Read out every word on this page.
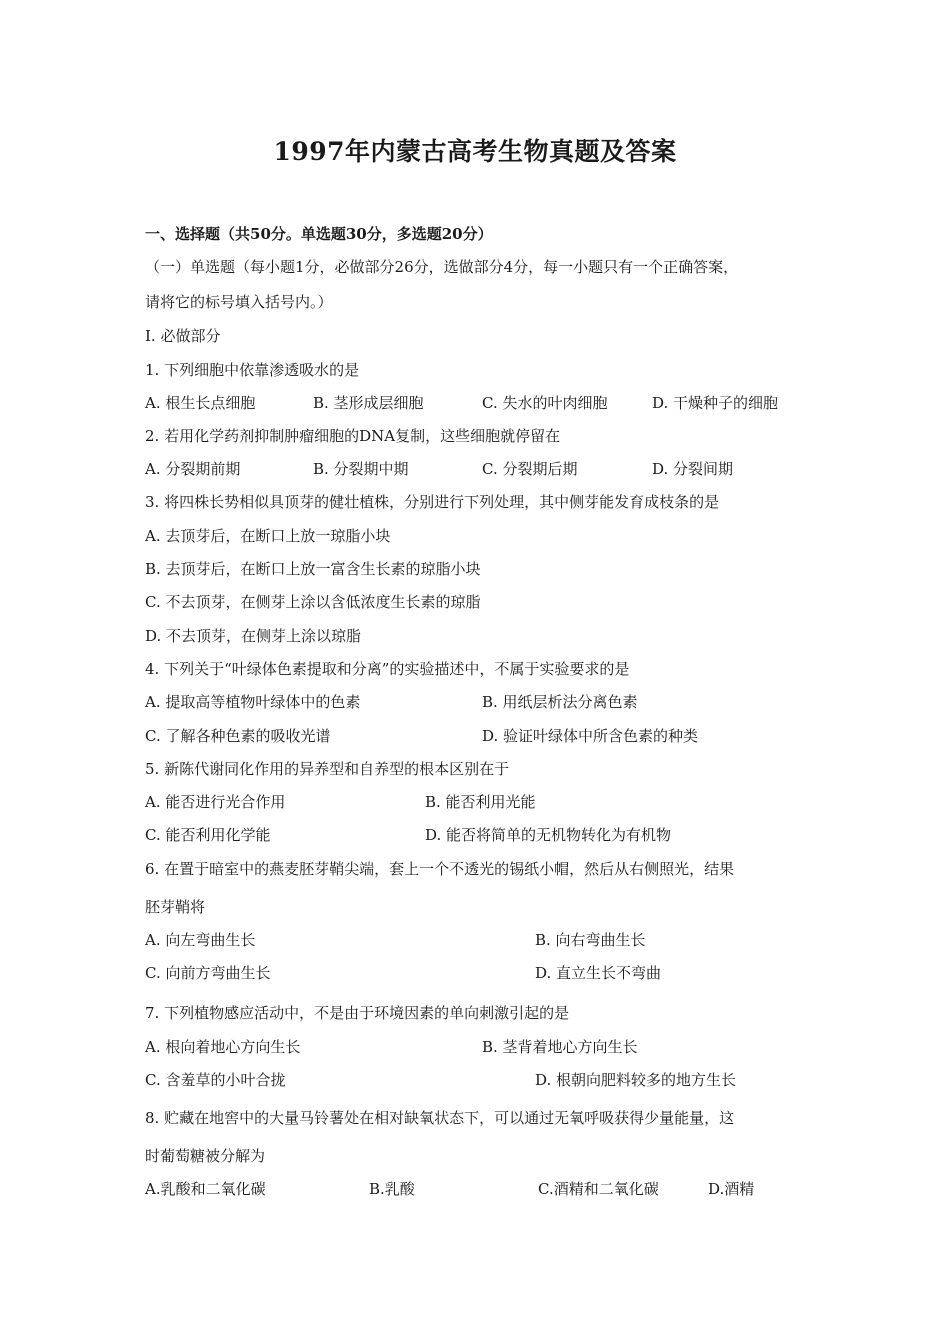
1997年内蒙古高考生物真题及答案
一、选择题（共50分。单选题30分，多选题20分）
（一）单选题（每小题1分，必做部分26分，选做部分4分，每一小题只有一个正确答案，
请将它的标号填入括号内。）
I. 必做部分
1. 下列细胞中依靠渗透吸水的是
A. 根生长点细胞	B. 茎形成层细胞	C. 失水的叶肉细胞	D. 干燥种子的细胞
2. 若用化学药剂抑制肿瘤细胞的DNA复制，这些细胞就停留在
A. 分裂期前期	B. 分裂期中期	C. 分裂期后期	D. 分裂间期
3. 将四株长势相似具顶芽的健壮植株，分别进行下列处理，其中侧芽能发育成枝条的是
A. 去顶芽后，在断口上放一琼脂小块
B. 去顶芽后，在断口上放一富含生长素的琼脂小块
C. 不去顶芽，在侧芽上涂以含低浓度生长素的琼脂
D. 不去顶芽，在侧芽上涂以琼脂
4. 下列关于“叶绿体色素提取和分离”的实验描述中，不属于实验要求的是
A. 提取高等植物叶绿体中的色素	B. 用纸层析法分离色素
C. 了解各种色素的吸收光谱	D. 验证叶绿体中所含色素的种类
5. 新陈代谢同化作用的异养型和自养型的根本区别在于
A. 能否进行光合作用	B. 能否利用光能
C. 能否利用化学能	D. 能否将简单的无机物转化为有机物
6. 在置于暗室中的燕麦胚芽鞘尖端，套上一个不透光的锡纸小帽，然后从右侧照光，结果
胚芽鞘将
A. 向左弯曲生长	B. 向右弯曲生长
C. 向前方弯曲生长	D. 直立生长不弯曲
7. 下列植物感应活动中，不是由于环境因素的单向刺激引起的是
A. 根向着地心方向生长	B. 茎背着地心方向生长
C. 含羞草的小叶合拢	D. 根朝向肥料较多的地方生长
8. 贮藏在地窖中的大量马铃薯处在相对缺氧状态下，可以通过无氧呼吸获得少量能量，这
时葡萄糖被分解为
A.乳酸和二氧化碳	B.乳酸	C.酒精和二氧化碳	D.酒精
